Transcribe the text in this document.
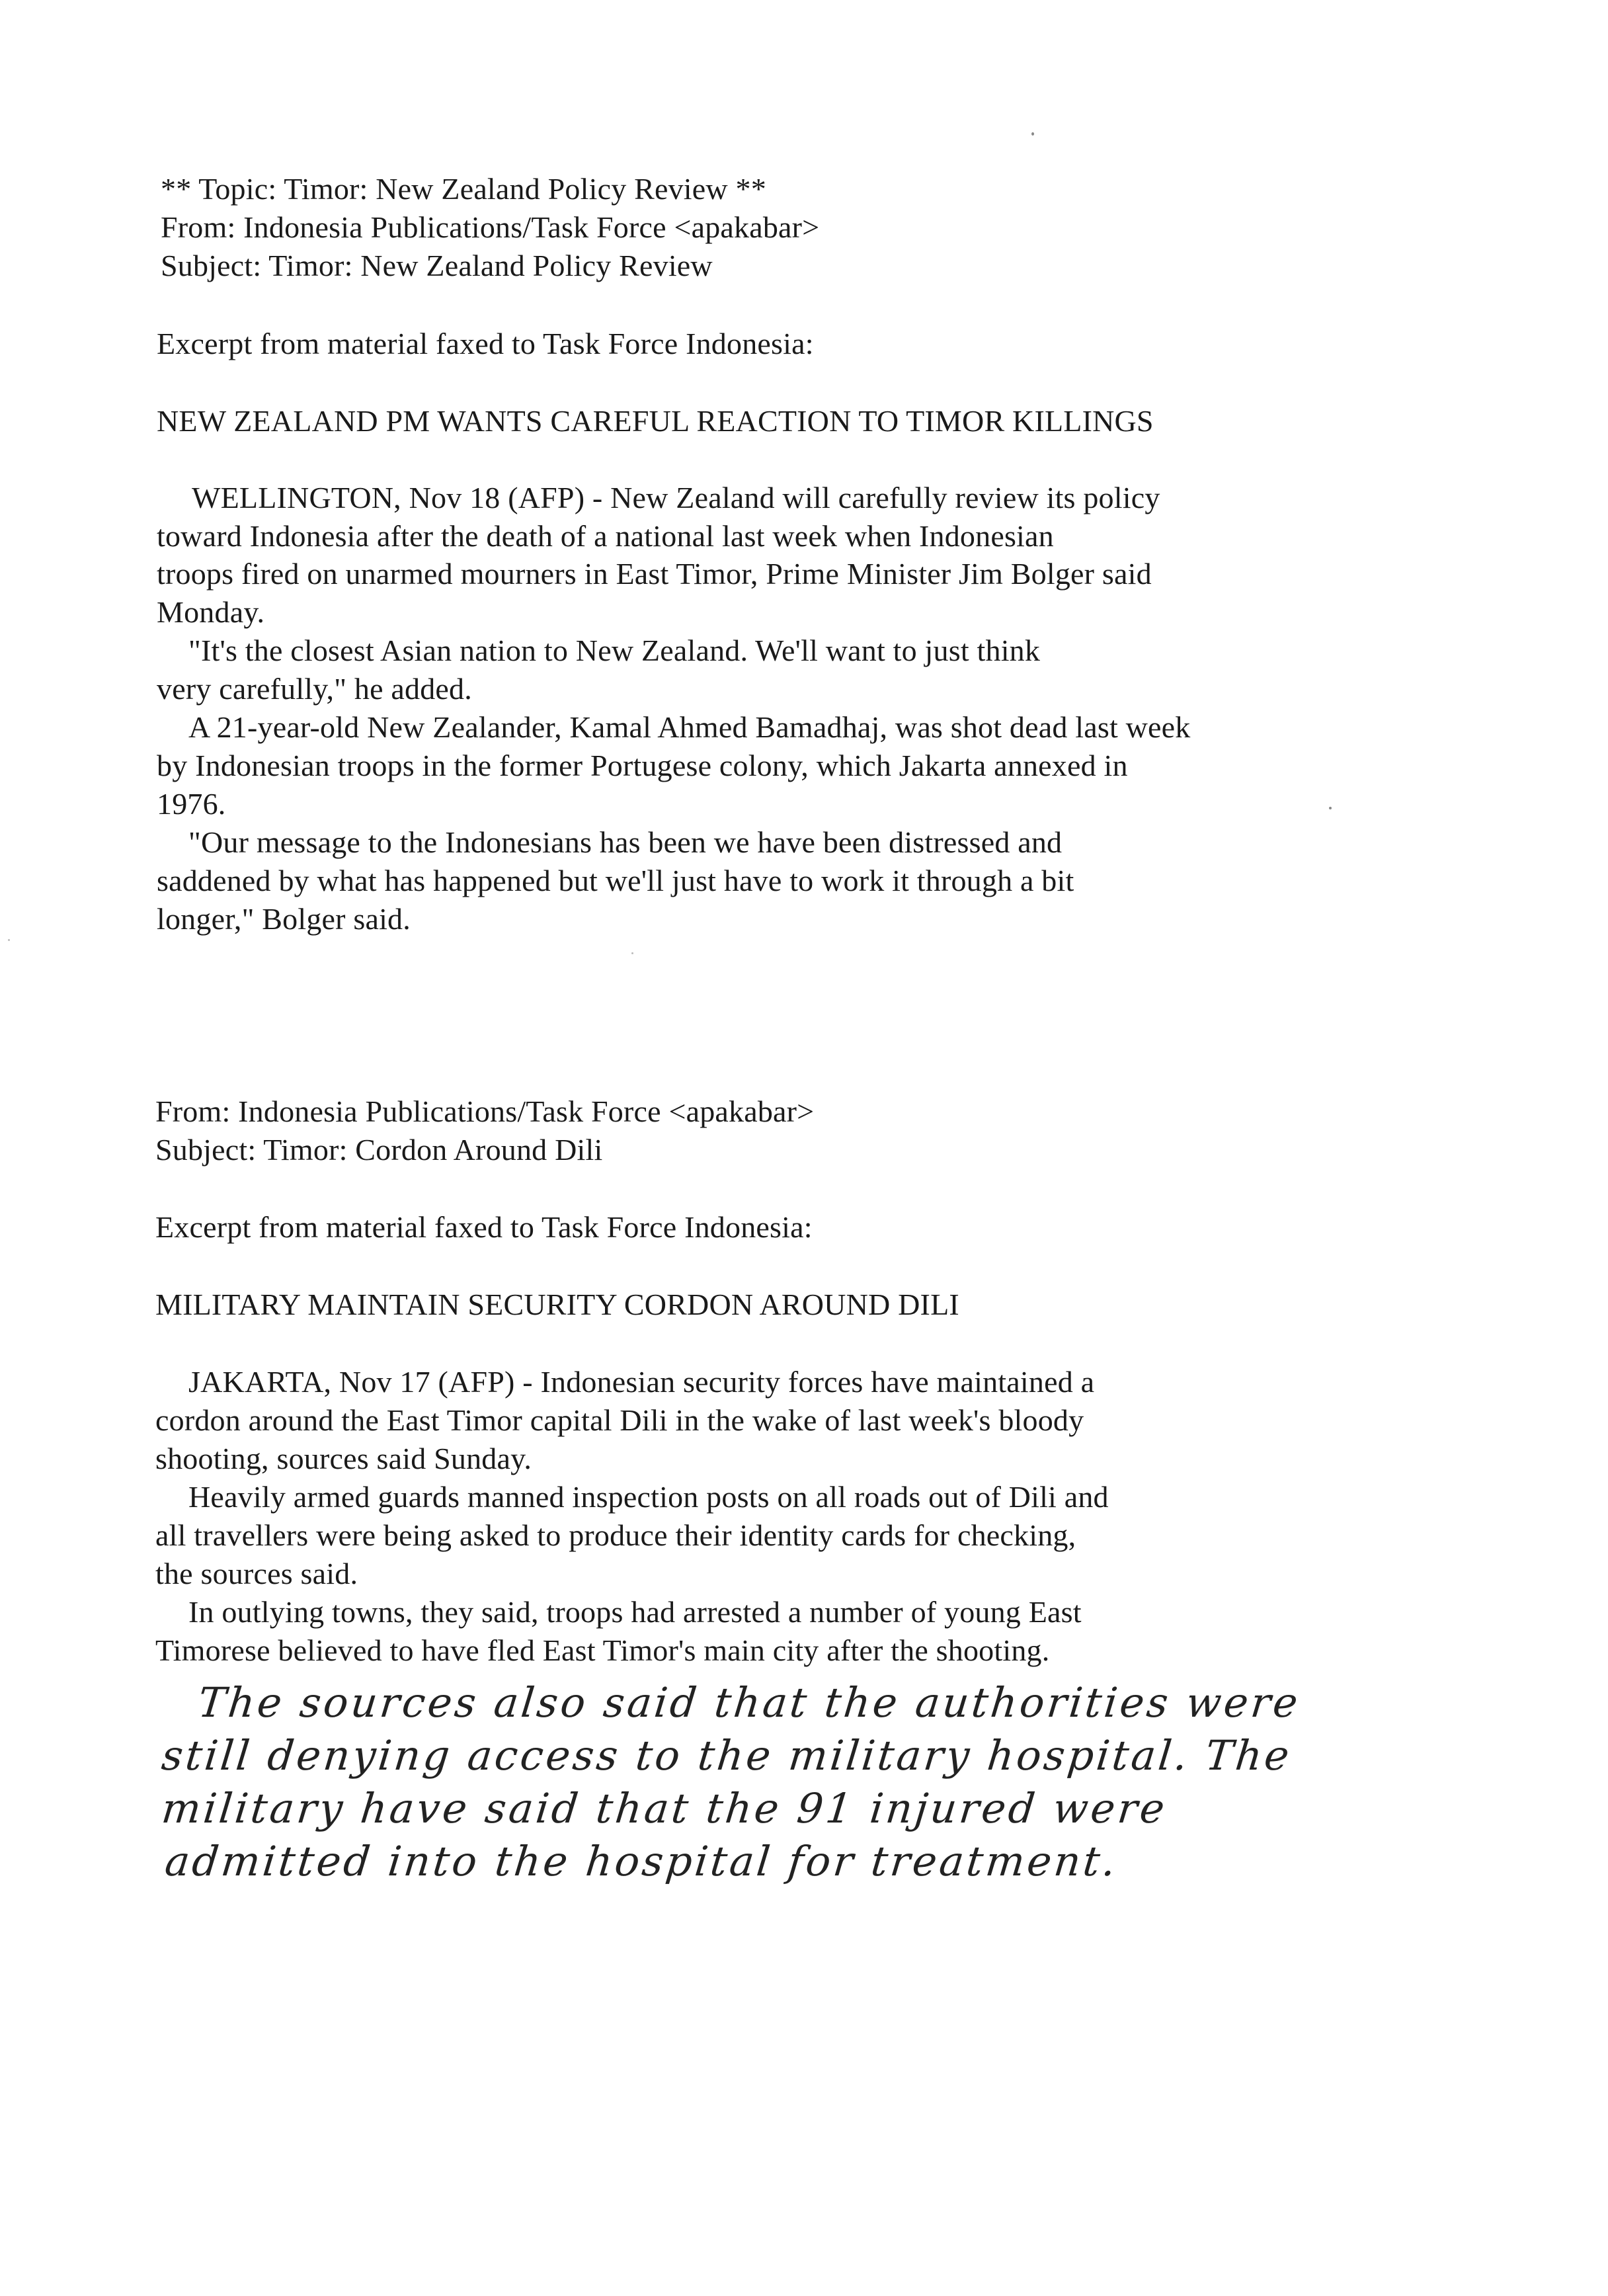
** Topic: Timor: New Zealand Policy Review **
From: Indonesia Publications/Task Force <apakabar>
Subject: Timor: New Zealand Policy Review
Excerpt from material faxed to Task Force Indonesia:
NEW ZEALAND PM WANTS CAREFUL REACTION TO TIMOR KILLINGS
WELLINGTON, Nov 18 (AFP) - New Zealand will carefully review its policy
toward Indonesia after the death of a national last week when Indonesian
troops fired on unarmed mourners in East Timor, Prime Minister Jim Bolger said
Monday.
"It's the closest Asian nation to New Zealand. We'll want to just think
very carefully," he added.
A 21-year-old New Zealander, Kamal Ahmed Bamadhaj, was shot dead last week
by Indonesian troops in the former Portugese colony, which Jakarta annexed in
1976.
"Our message to the Indonesians has been we have been distressed and
saddened by what has happened but we'll just have to work it through a bit
longer," Bolger said.
From: Indonesia Publications/Task Force <apakabar>
Subject: Timor: Cordon Around Dili
Excerpt from material faxed to Task Force Indonesia:
MILITARY MAINTAIN SECURITY CORDON AROUND DILI
JAKARTA, Nov 17 (AFP) - Indonesian security forces have maintained a
cordon around the East Timor capital Dili in the wake of last week's bloody
shooting, sources said Sunday.
Heavily armed guards manned inspection posts on all roads out of Dili and
all travellers were being asked to produce their identity cards for checking,
the sources said.
In outlying towns, they said, troops had arrested a number of young East
Timorese believed to have fled East Timor's main city after the shooting.
The sources also said that the authorities were
still denying access to the military hospital. The
military have said that the 91 injured were
admitted into the hospital for treatment.
